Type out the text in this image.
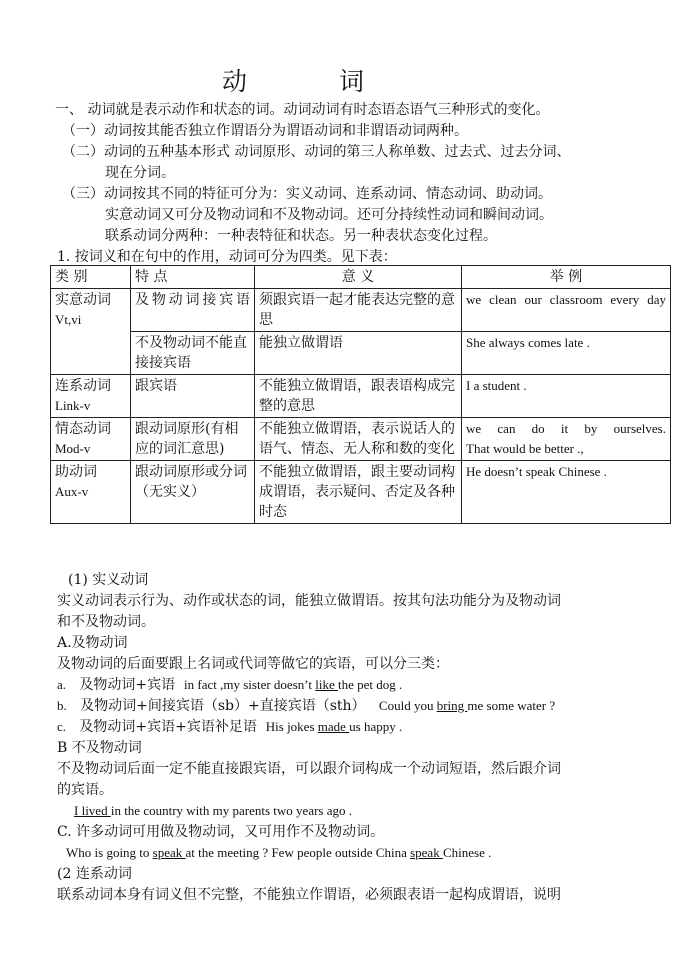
动 词
一、 动词就是表示动作和状态的词。动词动词有时态语态语气三种形式的变化。
（一）动词按其能否独立作谓语分为谓语动词和非谓语动词两种。
（二）动词的五种基本形式 动词原形、动词的第三人称单数、过去式、过去分词、
现在分词。
（三）动词按其不同的特征可分为：实义动词、连系动词、情态动词、助动词。
实意动词又可分及物动词和不及物动词。还可分持续性动词和瞬间动词。
联系动词分两种：一种表特征和状态。另一种表状态变化过程。
1. 按词义和在句中的作用，动词可分为四类。见下表：
类 别	特 点	意 义	举 例

实意动词
Vt,vi	及物动词接宾语	须跟宾语一起才能表达完整的意思	we clean our classroom every day
	不及物动词不能直接接宾语	能独立做谓语	She always comes late .

连系动词
Link-v	跟宾语	不能独立做谓语，跟表语构成完整的意思	I a student .

情态动词
Mod-v	跟动词原形(有相应的词汇意思)	不能独立做谓语，表示说话人的
语气、情态、无人称和数的变化	we can do it by ourselves.
That would be better .,

助动词
Aux-v	跟动词原形或分词（无实义）	不能独立做谓语，跟主要动词构成谓语，表示疑问、否定及各种时态	He doesn’t speak Chinese .
(1) 实义动词
实义动词表示行为、动作或状态的词，能独立做谓语。按其句法功能分为及物动词
和不及物动词。
A.及物动词
及物动词的后面要跟上名词或代词等做它的宾语，可以分三类：
a. 及物动词+宾语 in fact ,my sister doesn’t like the pet dog .
b. 及物动词+间接宾语（sb）+直接宾语（sth） Could you bring me some water ?
c. 及物动词+宾语+宾语补足语 His jokes made us happy .
B 不及物动词
不及物动词后面一定不能直接跟宾语，可以跟介词构成一个动词短语，然后跟介词
的宾语。
I lived in the country with my parents two years ago .
C. 许多动词可用做及物动词，又可用作不及物动词。
Who is going to speak at the meeting ? Few people outside China speak Chinese .
(2 连系动词
联系动词本身有词义但不完整，不能独立作谓语，必须跟表语一起构成谓语，说明
